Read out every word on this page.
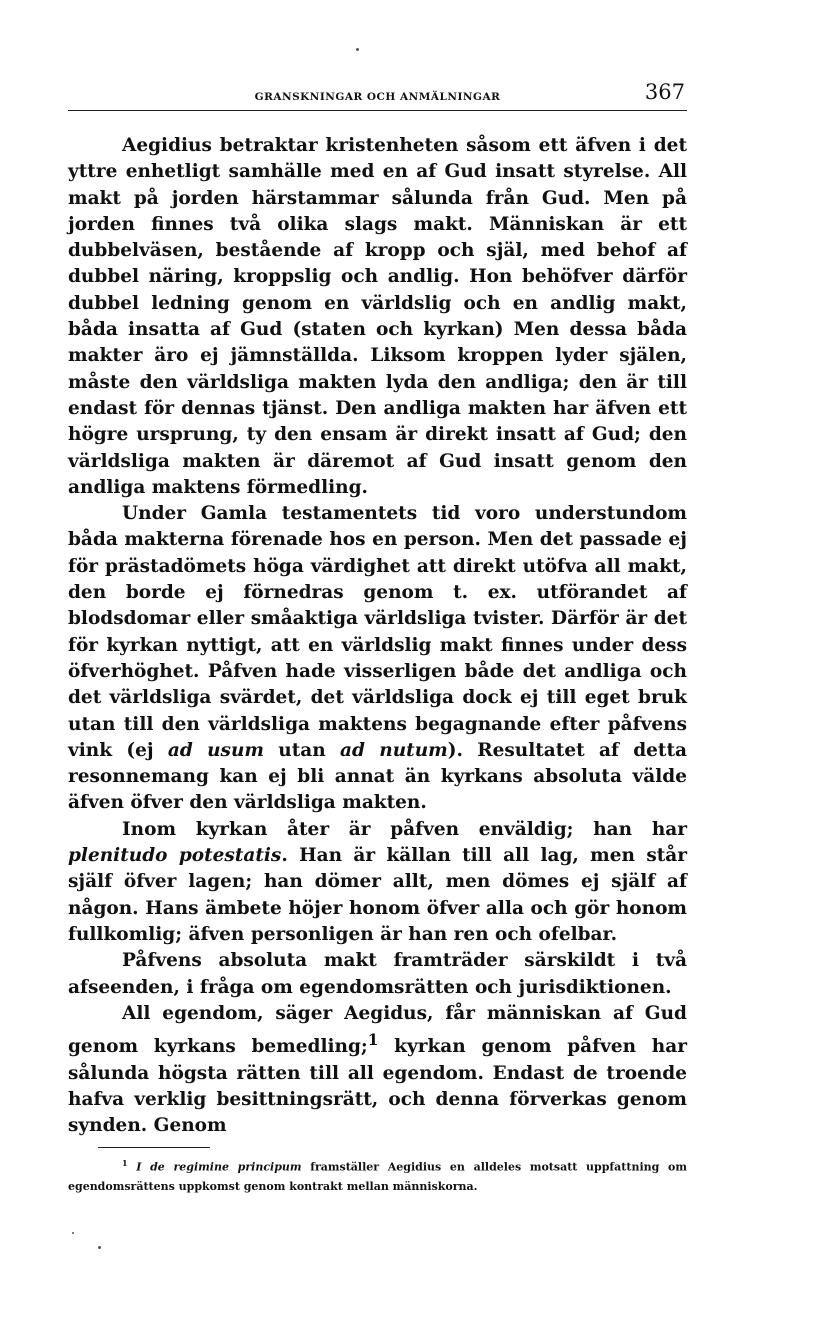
GRANSKNINGAR OCH ANMÄLNINGAR	367

Aegidius betraktar kristenheten såsom ett äfven i det yttre enhetligt samhälle med en af Gud insatt styrelse. All makt på jorden härstammar sålunda från Gud. Men på jorden finnes två olika slags makt. Människan är ett dubbelväsen, bestående af kropp och själ, med behof af dubbel näring, kroppslig och andlig. Hon behöfver därför dubbel ledning genom en världslig och en andlig makt, båda insatta af Gud (staten och kyrkan) Men dessa båda makter äro ej jämnställda. Liksom kroppen lyder själen, måste den världsliga makten lyda den andliga; den är till endast för dennas tjänst. Den andliga makten har äfven ett högre ursprung, ty den ensam är direkt insatt af Gud; den världsliga makten är däremot af Gud insatt genom den andliga maktens förmedling.

Under Gamla testamentets tid voro understundom båda makterna förenade hos en person. Men det passade ej för prästadömets höga värdighet att direkt utöfva all makt, den borde ej förnedras genom t. ex. utförandet af blodsdomar eller småaktiga världsliga tvister. Därför är det för kyrkan nyttigt, att en världslig makt finnes under dess öfverhöghet. Påfven hade visserligen både det andliga och det världsliga svärdet, det världsliga dock ej till eget bruk utan till den världsliga maktens begagnande efter påfvens vink (ej ad usum utan ad nutum). Resultatet af detta resonnemang kan ej bli annat än kyrkans absoluta välde äfven öfver den världsliga makten.

Inom kyrkan åter är påfven enväldig; han har plenitudo potestatis. Han är källan till all lag, men står själf öfver lagen; han dömer allt, men dömes ej själf af någon. Hans ämbete höjer honom öfver alla och gör honom fullkomlig; äfven personligen är han ren och ofelbar.

Påfvens absoluta makt framträder särskildt i två afseenden, i fråga om egendomsrätten och jurisdiktionen.

All egendom, säger Aegidus, får människan af Gud genom kyrkans bemedling;$^1$ kyrkan genom påfven har sålunda högsta rätten till all egendom. Endast de troende hafva verklig besittningsrätt, och denna förverkas genom synden. Genom

$^1$ I de regimine principum framställer Aegidius en alldeles motsatt uppfattning om egendomsrättens uppkomst genom kontrakt mellan människorna.
